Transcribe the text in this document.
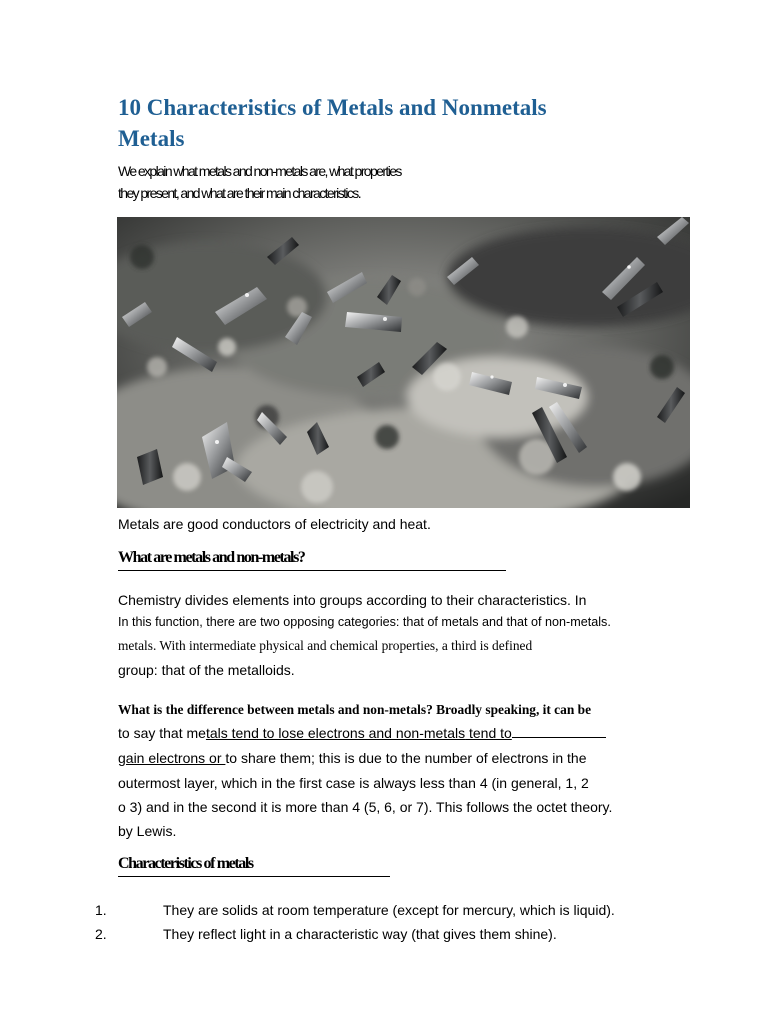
10 Characteristics of Metals and Nonmetals
Metals
We explain what metals and non-metals are, what properties
they present, and what are their main characteristics.
Metals are good conductors of electricity and heat.
What are metals and non-metals?
Chemistry divides elements into groups according to their characteristics. In
In this function, there are two opposing categories: that of metals and that of non-metals.
metals. With intermediate physical and chemical properties, a third is defined
group: that of the metalloids.
What is the difference between metals and non-metals? Broadly speaking, it can be
to say that metals tend to lose electrons and non-metals tend to
gain electrons or to share them; this is due to the number of electrons in the
outermost layer, which in the first case is always less than 4 (in general, 1, 2
o 3) and in the second it is more than 4 (5, 6, or 7). This follows the octet theory.
by Lewis.
Characteristics of metals
1.	They are solids at room temperature (except for mercury, which is liquid).
2.	They reflect light in a characteristic way (that gives them shine).
